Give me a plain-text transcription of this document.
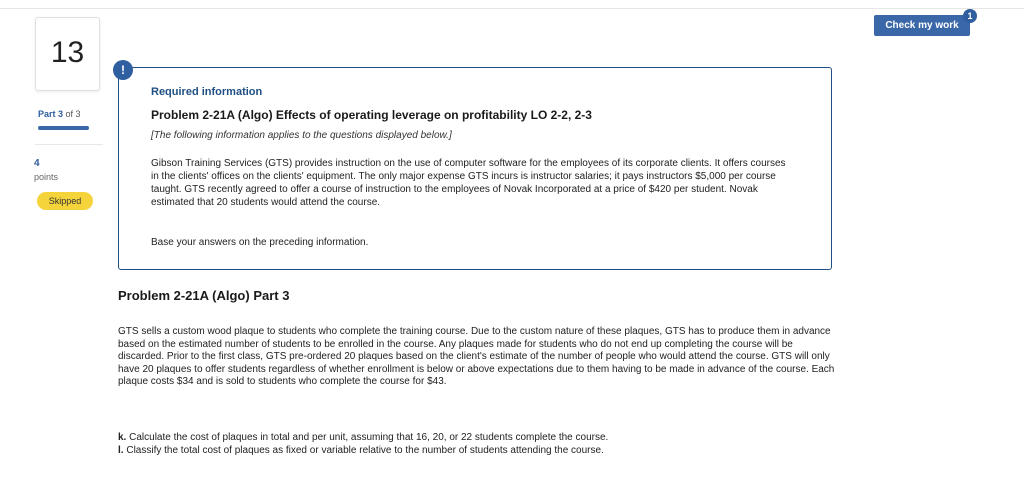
Check my work
1
13
Part 3 of 3
4
points
Skipped
!
Required information
Problem 2-21A (Algo) Effects of operating leverage on profitability LO 2-2, 2-3
[The following information applies to the questions displayed below.]
Gibson Training Services (GTS) provides instruction on the use of computer software for the employees of its corporate clients. It offers courses in the clients' offices on the clients' equipment. The only major expense GTS incurs is instructor salaries; it pays instructors $5,000 per course taught. GTS recently agreed to offer a course of instruction to the employees of Novak Incorporated at a price of $420 per student. Novak estimated that 20 students would attend the course.
Base your answers on the preceding information.
Problem 2-21A (Algo) Part 3
GTS sells a custom wood plaque to students who complete the training course. Due to the custom nature of these plaques, GTS has to produce them in advance based on the estimated number of students to be enrolled in the course. Any plaques made for students who do not end up completing the course will be discarded. Prior to the first class, GTS pre-ordered 20 plaques based on the client's estimate of the number of people who would attend the course. GTS will only have 20 plaques to offer students regardless of whether enrollment is below or above expectations due to them having to be made in advance of the course. Each plaque costs $34 and is sold to students who complete the course for $43.
k. Calculate the cost of plaques in total and per unit, assuming that 16, 20, or 22 students complete the course.
l. Classify the total cost of plaques as fixed or variable relative to the number of students attending the course.
